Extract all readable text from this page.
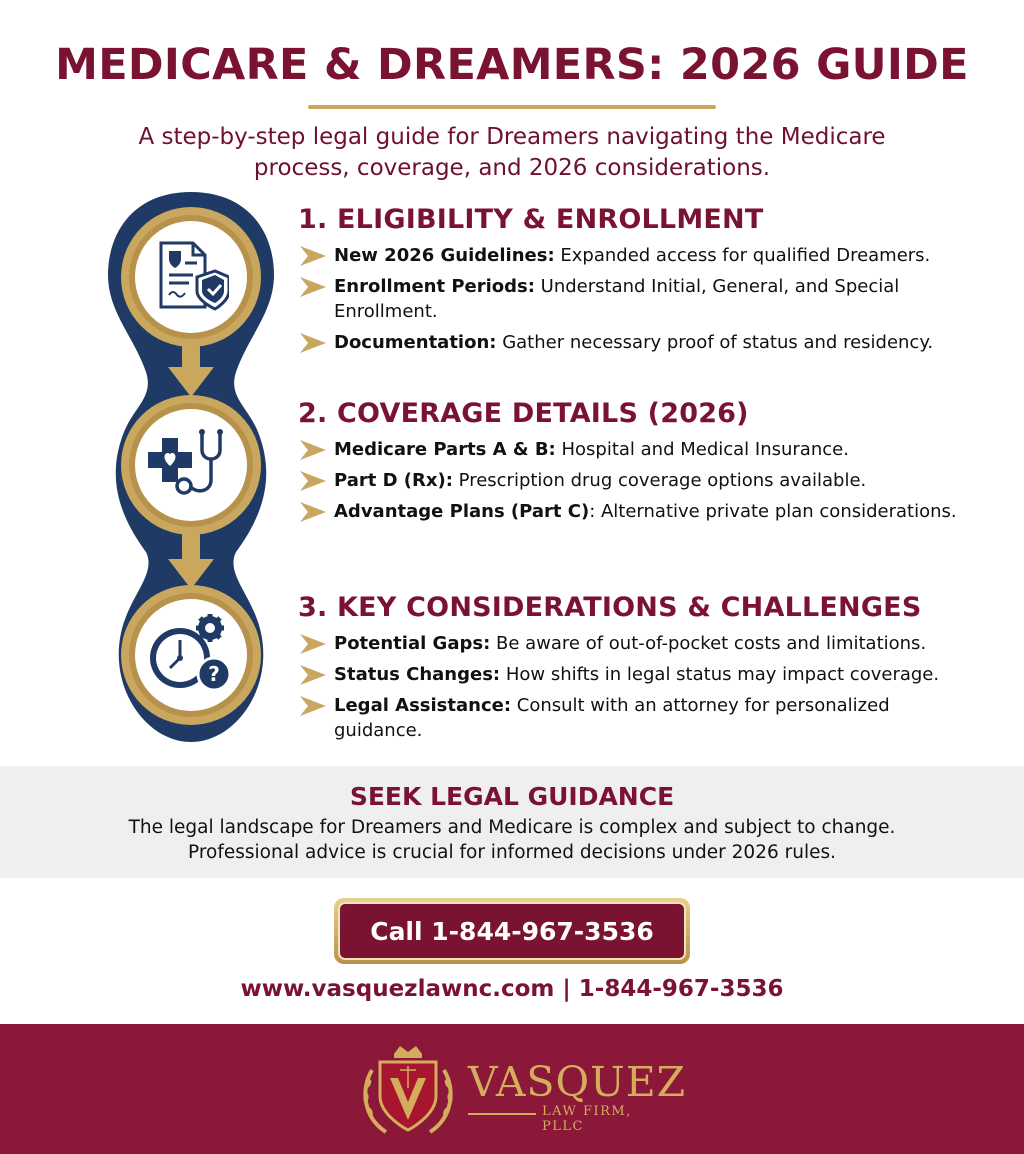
MEDICARE & DREAMERS: 2026 GUIDE
A step-by-step legal guide for Dreamers navigating the Medicare
process, coverage, and 2026 considerations.
?
1. ELIGIBILITY & ENROLLMENT
New 2026 Guidelines: Expanded access for qualified Dreamers.
Enrollment Periods: Understand Initial, General, and Special Enrollment.
Documentation: Gather necessary proof of status and residency.
2. COVERAGE DETAILS (2026)
Medicare Parts A & B: Hospital and Medical Insurance.
Part D (Rx): Prescription drug coverage options available.
Advantage Plans (Part C): Alternative private plan considerations.
3. KEY CONSIDERATIONS & CHALLENGES
Potential Gaps: Be aware of out-of-pocket costs and limitations.
Status Changes: How shifts in legal status may impact coverage.
Legal Assistance: Consult with an attorney for personalized guidance.
SEEK LEGAL GUIDANCE

The legal landscape for Dreamers and Medicare is complex and subject to change.
Professional advice is crucial for informed decisions under 2026 rules.

Call 1-844-967-3536
www.vasquezlawnc.com | 1-844-967-3536
VASQUEZ
LAW FIRM, PLLC
